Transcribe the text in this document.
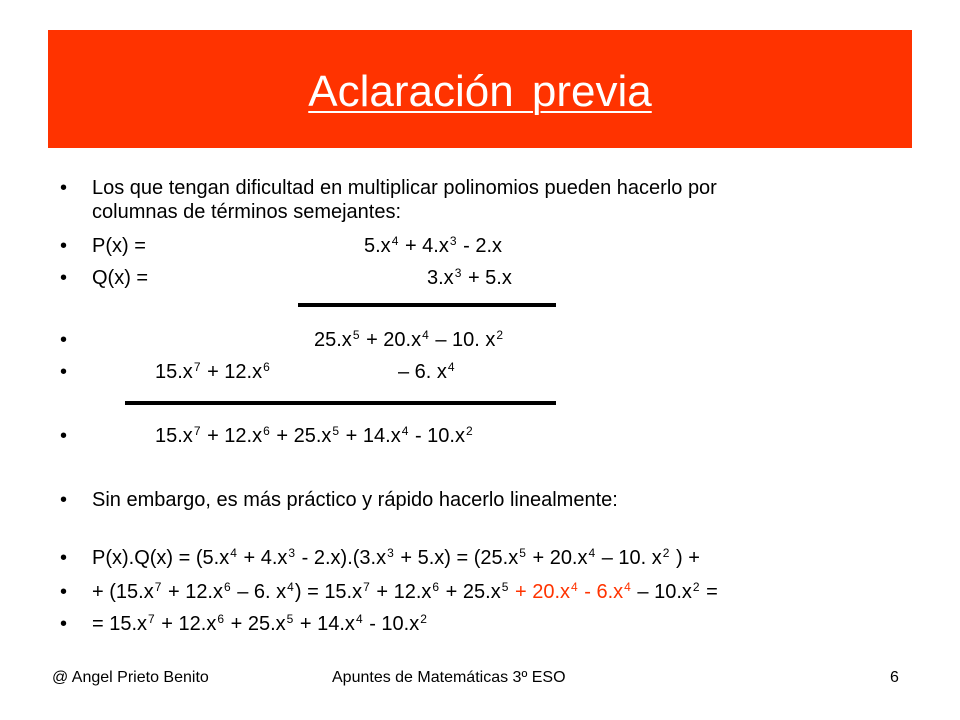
Aclaración previa
• Los que tengan dificultad en multiplicar polinomios pueden hacerlo por
columnas de términos semejantes:
• P(x) =	$5.x^4 + 4.x^3 - 2.x$
• Q(x) =	$3.x^3 + 5.x$
•	$25.x^5 + 20.x^4 - 10$. $x^2$
•	$15.x^7 + 12.x^6$	– 6. $x^4$
•	$15.x^7 + 12.x^6 + 25.x^5 + 14.x^4 - 10.x^2$
• Sin embargo, es más práctico y rápido hacerlo linealmente:
• $P(x).Q(x) = (5.x^4 + 4.x^3 - 2.x).(3.x^3 + 5.x) = (25.x^5 + 20.x^4 - 10$. $x^2$ ) +
• + ($15.x^7 + 12.x^6 - 6$. $x^4) = 15.x^7 + 12.x^6 + 25.x^5 + 20.x^4 - 6.x^4 - 10.x^2$ =
• = $15.x^7 + 12.x^6 + 25.x^5 + 14.x^4 - 10.x^2$
@ Angel Prieto Benito	Apuntes de Matemáticas 3º ESO	6
